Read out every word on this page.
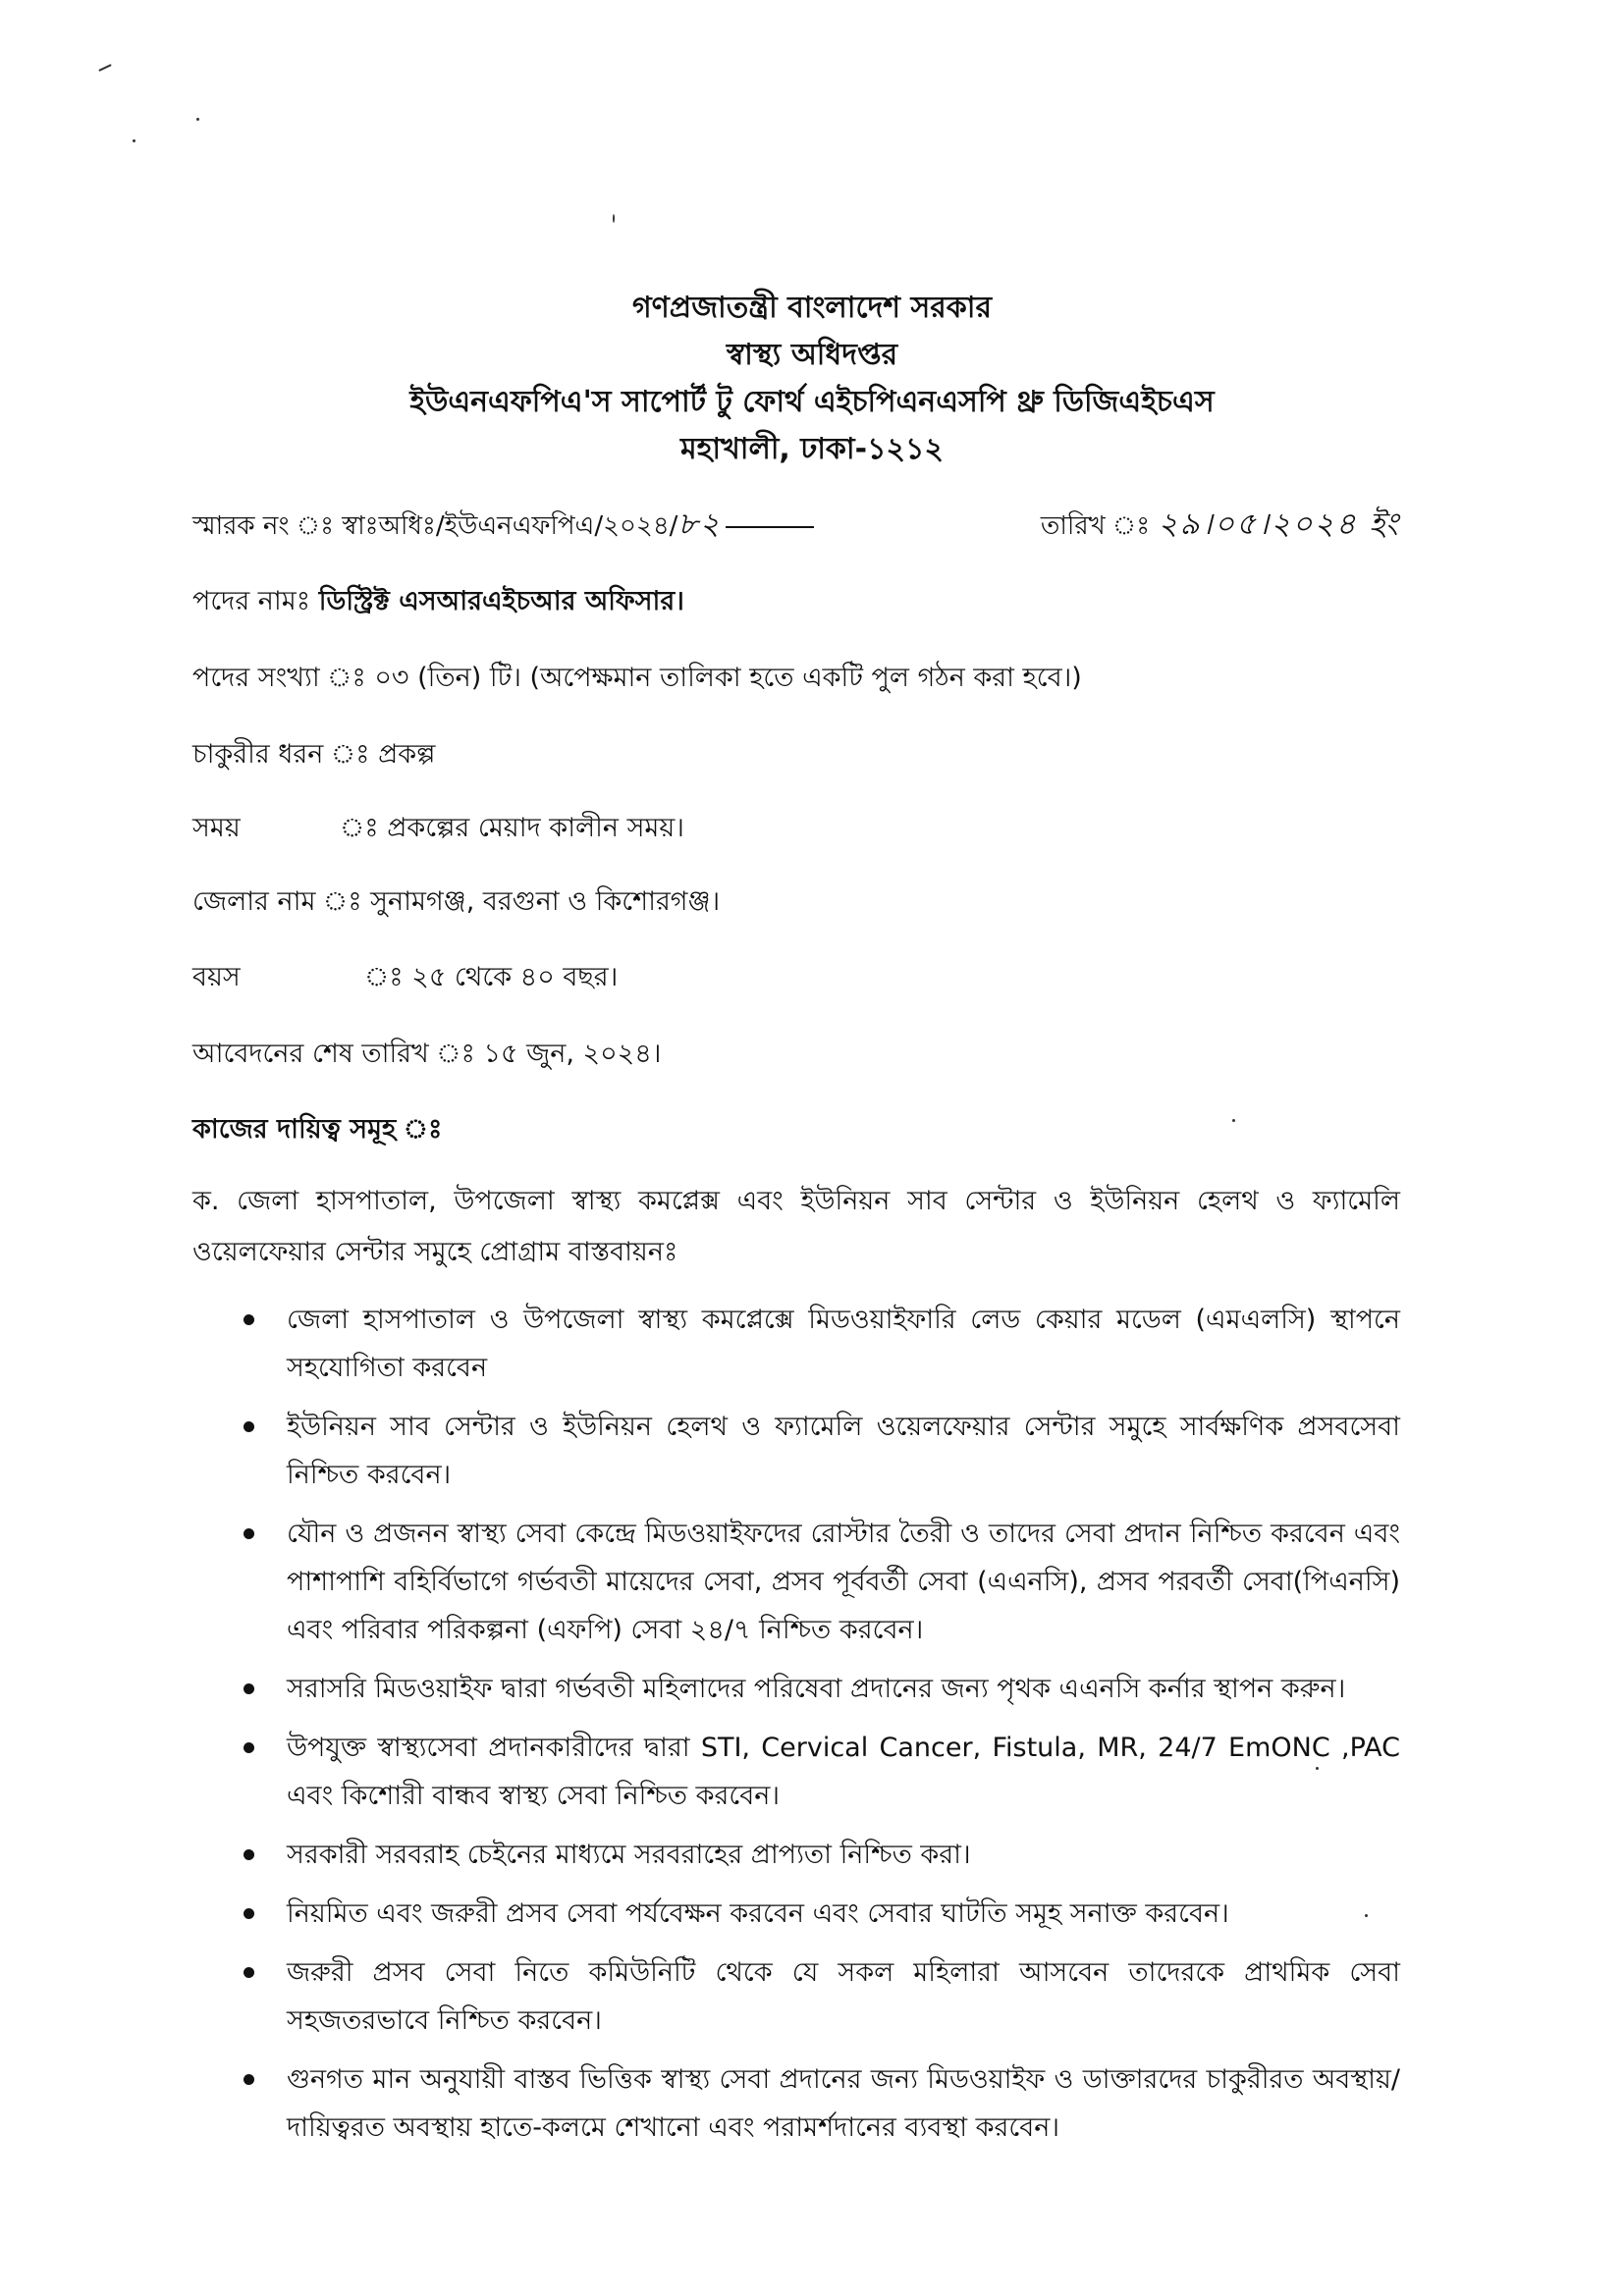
গণপ্রজাতন্ত্রী বাংলাদেশ সরকার
স্বাস্থ্য অধিদপ্তর
ইউএনএফপিএ'স সাপোর্ট টু ফোর্থ এইচপিএনএসপি থ্রু ডিজিএইচএস
মহাখালী, ঢাকা-১২১২
স্মারক নং ঃ স্বাঃঅধিঃ/ইউএনএফপিএ/২০২৪/৮২	তারিখ ঃ ২৯।০৫।২০২৪ ইং
পদের নামঃ ডিস্ট্রিক্ট এসআরএইচআর অফিসার।
পদের সংখ্যা ঃ ০৩ (তিন) টি। (অপেক্ষমান তালিকা হতে একটি পুল গঠন করা হবে।)
চাকুরীর ধরন ঃ প্রকল্প
সময়	ঃ প্রকল্পের মেয়াদ কালীন সময়।
জেলার নাম ঃ সুনামগঞ্জ, বরগুনা ও কিশোরগঞ্জ।
বয়স	ঃ ২৫ থেকে ৪০ বছর।
আবেদনের শেষ তারিখ ঃ ১৫ জুন, ২০২৪।
কাজের দায়িত্ব সমূহ ঃ
ক. জেলা হাসপাতাল, উপজেলা স্বাস্থ্য কমপ্লেক্স এবং ইউনিয়ন সাব সেন্টার ও ইউনিয়ন হেলথ ও ফ্যামেলি ওয়েলফেয়ার সেন্টার সমুহে প্রোগ্রাম বাস্তবায়নঃ
জেলা হাসপাতাল ও উপজেলা স্বাস্থ্য কমপ্লেক্সে মিডওয়াইফারি লেড কেয়ার মডেল (এমএলসি) স্থাপনে সহযোগিতা করবেন
ইউনিয়ন সাব সেন্টার ও ইউনিয়ন হেলথ ও ফ্যামেলি ওয়েলফেয়ার সেন্টার সমুহে সার্বক্ষণিক প্রসবসেবা নিশ্চিত করবেন।
যৌন ও প্রজনন স্বাস্থ্য সেবা কেন্দ্রে মিডওয়াইফদের রোস্টার তৈরী ও তাদের সেবা প্রদান নিশ্চিত করবেন এবং পাশাপাশি বহির্বিভাগে গর্ভবতী মায়েদের সেবা, প্রসব পূর্ববর্তী সেবা (এএনসি), প্রসব পরবর্তী সেবা(পিএনসি) এবং পরিবার পরিকল্পনা (এফপি) সেবা ২৪/৭ নিশ্চিত করবেন।
সরাসরি মিডওয়াইফ দ্বারা গর্ভবতী মহিলাদের পরিষেবা প্রদানের জন্য পৃথক এএনসি কর্নার স্থাপন করুন।
উপযুক্ত স্বাস্থ্যসেবা প্রদানকারীদের দ্বারা STI, Cervical Cancer, Fistula, MR, 24/7 EmONC ,PAC এবং কিশোরী বান্ধব স্বাস্থ্য সেবা নিশ্চিত করবেন।
সরকারী সরবরাহ চেইনের মাধ্যমে সরবরাহের প্রাপ্যতা নিশ্চিত করা।
নিয়মিত এবং জরুরী প্রসব সেবা পর্যবেক্ষন করবেন এবং সেবার ঘাটতি সমূহ সনাক্ত করবেন।
জরুরী প্রসব সেবা নিতে কমিউনিটি থেকে যে সকল মহিলারা আসবেন তাদেরকে প্রাথমিক সেবা সহজতরভাবে নিশ্চিত করবেন।
গুনগত মান অনুযায়ী বাস্তব ভিত্তিক স্বাস্থ্য সেবা প্রদানের জন্য মিডওয়াইফ ও ডাক্তারদের চাকুরীরত অবস্থায়/দায়িত্বরত অবস্থায় হাতে-কলমে শেখানো এবং পরামর্শদানের ব্যবস্থা করবেন।
